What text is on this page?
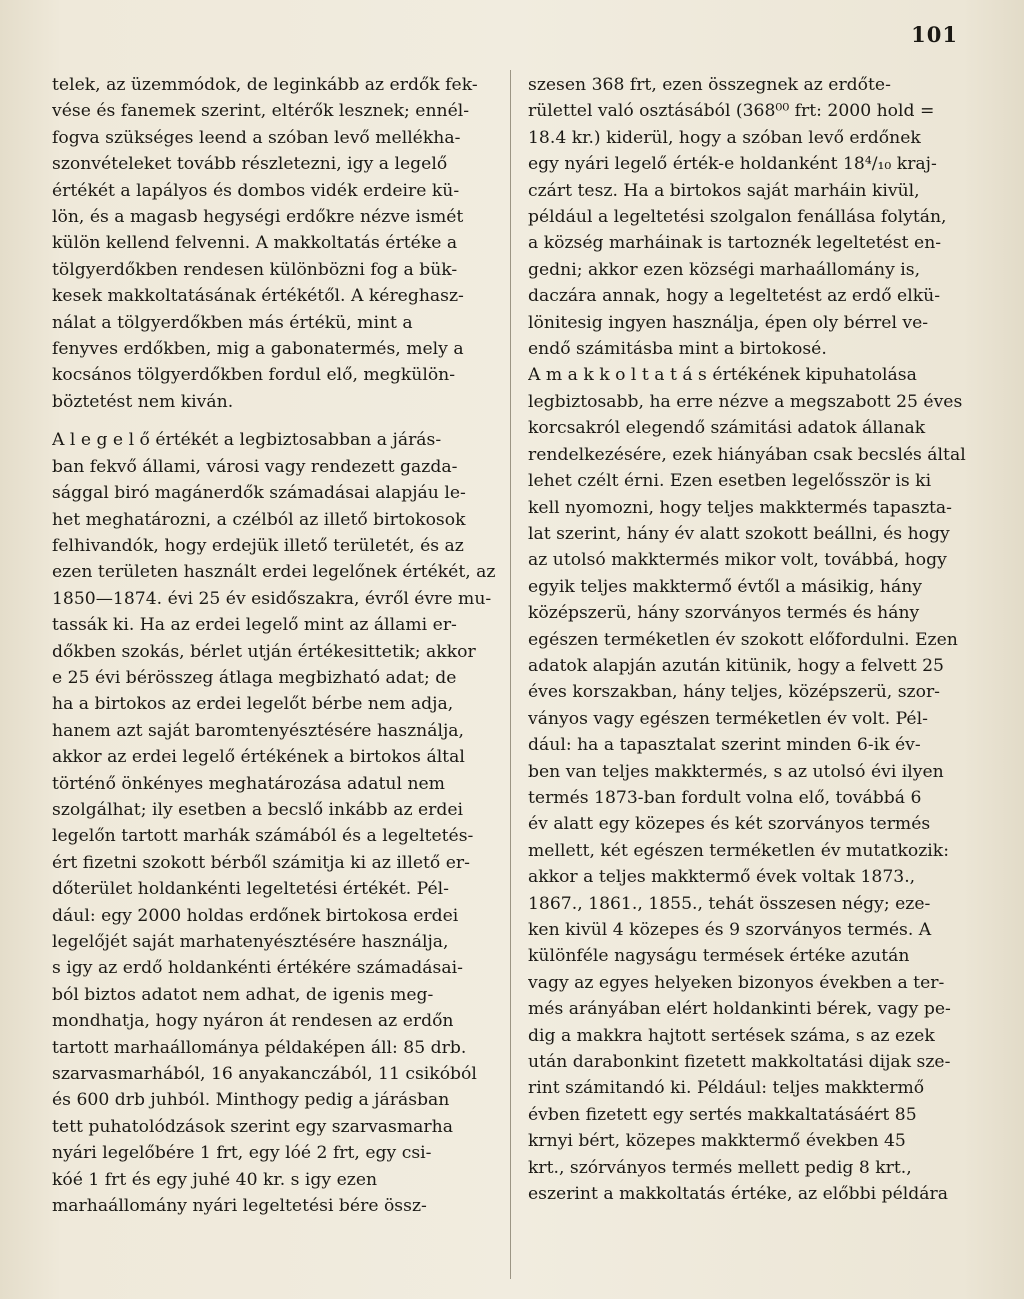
101
telek, az üzemmódok, de leginkább az erdők fek-
vése és fanemek szerint, eltérők lesznek; ennél-
fogva szükséges leend a szóban levő mellékha-
szonvételeket tovább részletezni, igy a legelő
értékét a lapályos és dombos vidék erdeire kü-
lön, és a magasb hegységi erdőkre nézve ismét
külön kellend felvenni. A makkoltatás értéke a
tölgyerdőkben rendesen különbözni fog a bük-
kesek makkoltatásának értékétől. A kéreghasz-
nálat a tölgyerdőkben más értékü, mint a
fenyves erdőkben, mig a gabonatermés, mely a
kocsános tölgyerdőkben fordul elő, megkülön-
böztetést nem kiván.
A l e g e l ő értékét a legbiztosabban a járás-
ban fekvő állami, városi vagy rendezett gazda-
sággal biró magánerdők számadásai alapjáu le-
het meghatározni, a czélból az illető birtokosok
felhivandók, hogy erdejük illető területét, és az
ezen területen használt erdei legelőnek értékét, az
1850—1874. évi 25 év esidőszakra, évről évre mu-
tassák ki. Ha az erdei legelő mint az állami er-
dőkben szokás, bérlet utján értékesittetik; akkor
e 25 évi bérösszeg átlaga megbizható adat; de
ha a birtokos az erdei legelőt bérbe nem adja,
hanem azt saját baromtenyésztésére használja,
akkor az erdei legelő értékének a birtokos által
történő önkényes meghatározása adatul nem
szolgálhat; ily esetben a becslő inkább az erdei
legelőn tartott marhák számából és a legeltetés-
ért fizetni szokott bérből számitja ki az illető er-
dőterület holdankénti legeltetési értékét. Pél-
dául: egy 2000 holdas erdőnek birtokosa erdei
legelőjét saját marhatenyésztésére használja,
s igy az erdő holdankénti értékére számadásai-
ból biztos adatot nem adhat, de igenis meg-
mondhatja, hogy nyáron át rendesen az erdőn
tartott marhaállománya példaképen áll: 85 drb.
szarvasmarhából, 16 anyakanczából, 11 csikóból
és 600 drb juhból. Minthogy pedig a járásban
tett puhatolódzások szerint egy szarvasmarha
nyári legelőbére 1 frt, egy lóé 2 frt, egy csi-
kóé 1 frt és egy juhé 40 kr. s igy ezen
marhaállomány nyári legeltetési bére össz-
szesen 368 frt, ezen összegnek az erdőte-
rülettel való osztásából (368⁰⁰ frt: 2000 hold =
18.4 kr.) kiderül, hogy a szóban levő erdőnek
egy nyári legelő érték-e holdanként 18⁴/₁₀ kraj-
czárt tesz. Ha a birtokos saját marháin kivül,
például a legeltetési szolgalon fenállása folytán,
a község marháinak is tartoznék legeltetést en-
gedni; akkor ezen községi marhaállomány is,
daczára annak, hogy a legeltetést az erdő elkü-
lönitesig ingyen használja, épen oly bérrel ve-
endő számitásba mint a birtokosé.
A m a k k o l t a t á s értékének kipuhatolása
legbiztosabb, ha erre nézve a megszabott 25 éves
korcsakról elegendő számitási adatok állanak
rendelkezésére, ezek hiányában csak becslés által
lehet czélt érni. Ezen esetben legelősször is ki
kell nyomozni, hogy teljes makktermés tapaszta-
lat szerint, hány év alatt szokott beállni, és hogy
az utolsó makktermés mikor volt, továbbá, hogy
egyik teljes makktermő évtől a másikig, hány
középszerü, hány szorványos termés és hány
egészen terméketlen év szokott előfordulni. Ezen
adatok alapján azután kitünik, hogy a felvett 25
éves korszakban, hány teljes, középszerü, szor-
ványos vagy egészen terméketlen év volt. Pél-
dául: ha a tapasztalat szerint minden 6-ik év-
ben van teljes makktermés, s az utolsó évi ilyen
termés 1873-ban fordult volna elő, továbbá 6
év alatt egy közepes és két szorványos termés
mellett, két egészen terméketlen év mutatkozik:
akkor a teljes makktermő évek voltak 1873.,
1867., 1861., 1855., tehát összesen négy; eze-
ken kivül 4 közepes és 9 szorványos termés. A
különféle nagyságu termések értéke azután
vagy az egyes helyeken bizonyos években a ter-
més arányában elért holdankinti bérek, vagy pe-
dig a makkra hajtott sertések száma, s az ezek
után darabonkint fizetett makkoltatási dijak sze-
rint számitandó ki. Például: teljes makktermő
évben fizetett egy sertés makkaltatásáért 85
krnyi bért, közepes makktermő években 45
krt., szórványos termés mellett pedig 8 krt.,
eszerint a makkoltatás értéke, az előbbi példára
